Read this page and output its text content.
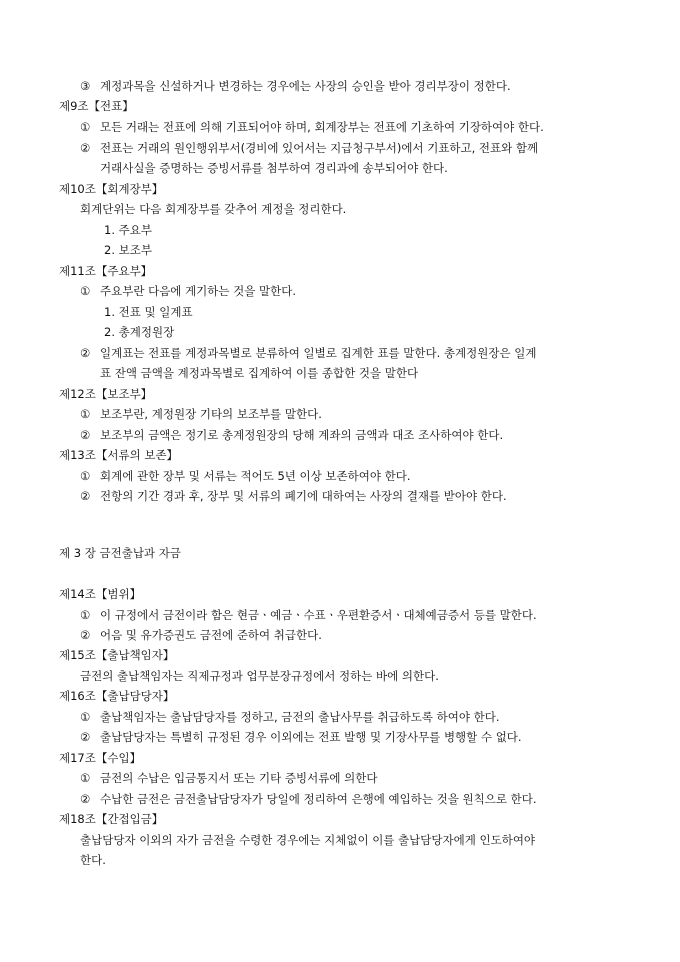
③ 계정과목을 신설하거나 변경하는 경우에는 사장의 승인을 받아 경리부장이 정한다.
제9조【전표】
① 모든 거래는 전표에 의해 기표되어야 하며, 회계장부는 전표에 기초하여 기장하여야 한다.
② 전표는 거래의 원인행위부서(경비에 있어서는 지급청구부서)에서 기표하고, 전표와 함께
거래사실을 증명하는 증빙서류를 첨부하여 경리과에 송부되어야 한다.
제10조【회계장부】
회계단위는 다음 회계장부를 갖추어 계정을 정리한다.
1. 주요부
2. 보조부
제11조【주요부】
① 주요부란 다음에 게기하는 것을 말한다.
1. 전표 및 일계표
2. 총계정원장
② 일계표는 전표를 계정과목별로 분류하여 일별로 집계한 표를 말한다. 총계정원장은 일계
표 잔액 금액을 계정과목별로 집계하여 이를 종합한 것을 말한다
제12조【보조부】
① 보조부란, 계정원장 기타의 보조부를 말한다.
② 보조부의 금액은 정기로 총계정원장의 당해 계좌의 금액과 대조 조사하여야 한다.
제13조【서류의 보존】
① 회계에 관한 장부 및 서류는 적어도 5년 이상 보존하여야 한다.
② 전항의 기간 경과 후, 장부 및 서류의 폐기에 대하여는 사장의 결재를 받아야 한다.
제 3 장 금전출납과 자금
제14조【범위】
① 이 규정에서 금전이라 함은 현금ㆍ예금ㆍ수표ㆍ우편환증서ㆍ대체예금증서 등를 말한다.
② 어음 및 유가증권도 금전에 준하여 취급한다.
제15조【출납책임자】
금전의 출납책임자는 직제규정과 업무분장규정에서 정하는 바에 의한다.
제16조【출납담당자】
① 출납책임자는 출납담당자를 정하고, 금전의 출납사무를 취급하도록 하여야 한다.
② 출납담당자는 특별히 규정된 경우 이외에는 전표 발행 및 기장사무를 병행할 수 없다.
제17조【수입】
① 금전의 수납은 입금통지서 또는 기타 증빙서류에 의한다
② 수납한 금전은 금전출납담당자가 당일에 정리하여 은행에 예입하는 것을 원칙으로 한다.
제18조【간접입금】
출납담당자 이외의 자가 금전을 수령한 경우에는 지체없이 이를 출납담당자에게 인도하여야
한다.
